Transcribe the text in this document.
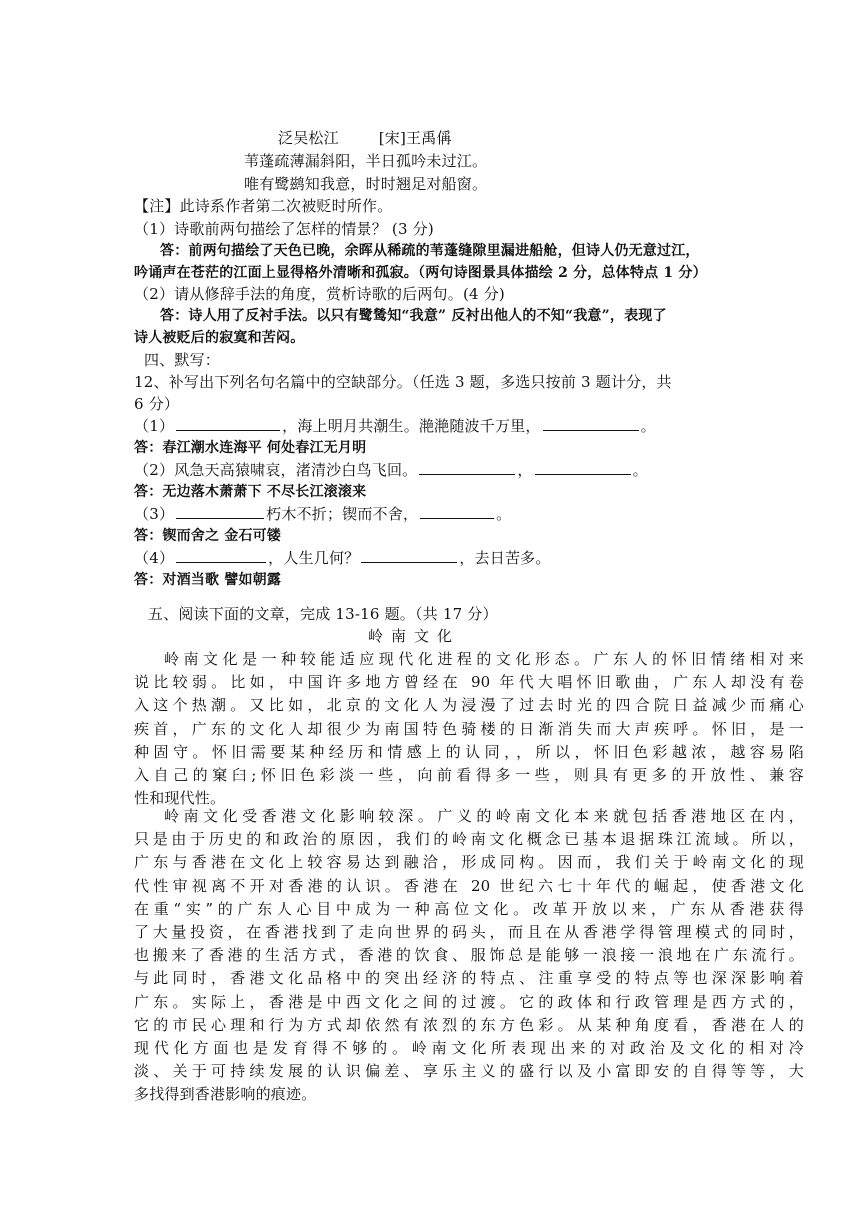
泛吴松江	[宋]王禹偁
苇蓬疏薄漏斜阳，半日孤吟未过江。
唯有鹭鹚知我意，时时翘足对船窗。
【注】此诗系作者第二次被贬时所作。
（1）诗歌前两句描绘了怎样的情景？ (3 分)
答：前两句描绘了天色已晚，余晖从稀疏的苇蓬缝隙里漏进船舱，但诗人仍无意过江，
吟诵声在苍茫的江面上显得格外清晰和孤寂。（两句诗图景具体描绘 2 分，总体特点 1 分）
（2）请从修辞手法的角度，赏析诗歌的后两句。(4 分)
答：诗人用了反衬手法。以只有鹭鸶知“我意” 反衬出他人的不知“我意”，表现了
诗人被贬后的寂寞和苦闷。
四、默写：
12、补写出下列名句名篇中的空缺部分。（任选 3 题，多选只按前 3 题计分，共
6 分）
（1）	，海上明月共潮生。滟滟随波千万里，	。
答：春江潮水连海平 何处春江无月明
（2）风急天高猿啸哀，渚清沙白鸟飞回。	，	。
答：无边落木萧萧下 不尽长江滚滚来
（3）	朽木不折；锲而不舍，	。
答：锲而舍之 金石可镂
（4）	，人生几何？	，去日苦多。
答：对酒当歌 譬如朝露
五、阅读下面的文章，完成 13-16 题。（共 17 分）
岭南文化
岭南文化是一种较能适应现代化进程的文化形态。广东人的怀旧情绪相对来
说比较弱。比如，中国许多地方曾经在 90 年代大唱怀旧歌曲，广东人却没有卷
入这个热潮。又比如，北京的文化人为浸漫了过去时光的四合院日益减少而痛心
疾首，广东的文化人却很少为南国特色骑楼的日渐消失而大声疾呼。怀旧，是一
种固守。怀旧需要某种经历和情感上的认同，，所以，怀旧色彩越浓，越容易陷
入自己的窠臼;怀旧色彩淡一些，向前看得多一些，则具有更多的开放性、兼容
性和现代性。
岭南文化受香港文化影响较深。广义的岭南文化本来就包括香港地区在内，
只是由于历史的和政治的原因，我们的岭南文化概念已基本退据珠江流域。所以，
广东与香港在文化上较容易达到融洽，形成同构。因而，我们关于岭南文化的现
代性审视离不开对香港的认识。香港在 20 世纪六七十年代的崛起，使香港文化
在重“实”的广东人心目中成为一种高位文化。改革开放以来，广东从香港获得
了大量投资，在香港找到了走向世界的码头，而且在从香港学得管理模式的同时，
也搬来了香港的生活方式，香港的饮食、服饰总是能够一浪接一浪地在广东流行。
与此同时，香港文化品格中的突出经济的特点、注重享受的特点等也深深影响着
广东。实际上，香港是中西文化之间的过渡。它的政体和行政管理是西方式的，
它的市民心理和行为方式却依然有浓烈的东方色彩。从某种角度看，香港在人的
现代化方面也是发育得不够的。岭南文化所表现出来的对政治及文化的相对冷
淡、关于可持续发展的认识偏差、享乐主义的盛行以及小富即安的自得等等，大
多找得到香港影响的痕迹。
